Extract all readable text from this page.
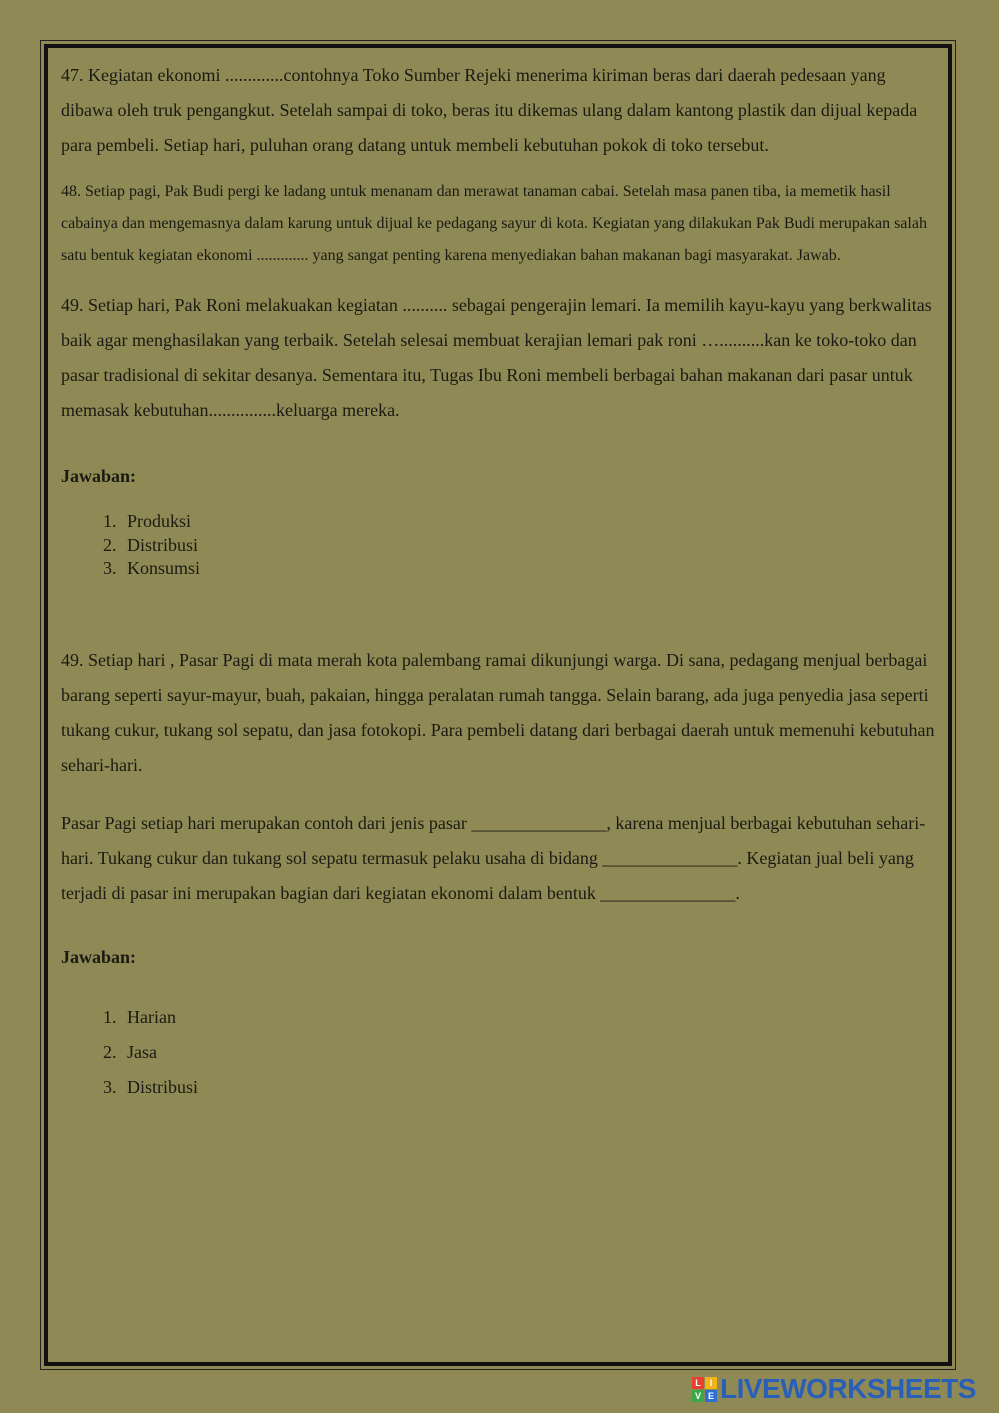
47. Kegiatan ekonomi .............contohnya Toko Sumber Rejeki menerima kiriman beras dari daerah pedesaan yang dibawa oleh truk pengangkut. Setelah sampai di toko, beras itu dikemas ulang dalam kantong plastik dan dijual kepada para pembeli. Setiap hari, puluhan orang datang untuk membeli kebutuhan pokok di toko tersebut.

48. Setiap pagi, Pak Budi pergi ke ladang untuk menanam dan merawat tanaman cabai. Setelah masa panen tiba, ia memetik hasil cabainya dan mengemasnya dalam karung untuk dijual ke pedagang sayur di kota. Kegiatan yang dilakukan Pak Budi merupakan salah satu bentuk kegiatan ekonomi ............. yang sangat penting karena menyediakan bahan makanan bagi masyarakat. Jawab.

49. Setiap hari, Pak Roni melakuakan kegiatan .......... sebagai pengerajin lemari. Ia memilih kayu-kayu yang berkwalitas baik agar menghasilakan yang terbaik. Setelah selesai membuat kerajian lemari pak roni …..........kan ke toko-toko dan pasar tradisional di sekitar desanya. Sementara itu, Tugas Ibu Roni membeli berbagai bahan makanan dari pasar untuk memasak kebutuhan...............keluarga mereka.

Jawaban:

1. Produksi
2. Distribusi
3. Konsumsi

49. Setiap hari , Pasar Pagi di mata merah kota palembang ramai dikunjungi warga. Di sana, pedagang menjual berbagai barang seperti sayur-mayur, buah, pakaian, hingga peralatan rumah tangga. Selain barang, ada juga penyedia jasa seperti tukang cukur, tukang sol sepatu, dan jasa fotokopi. Para pembeli datang dari berbagai daerah untuk memenuhi kebutuhan sehari-hari.

Pasar Pagi setiap hari merupakan contoh dari jenis pasar _______________, karena menjual berbagai kebutuhan sehari-hari. Tukang cukur dan tukang sol sepatu termasuk pelaku usaha di bidang _______________. Kegiatan jual beli yang terjadi di pasar ini merupakan bagian dari kegiatan ekonomi dalam bentuk _______________.

Jawaban:

1. Harian
2. Jasa
3. Distribusi
L I
V E LIVEWORKSHEETS
